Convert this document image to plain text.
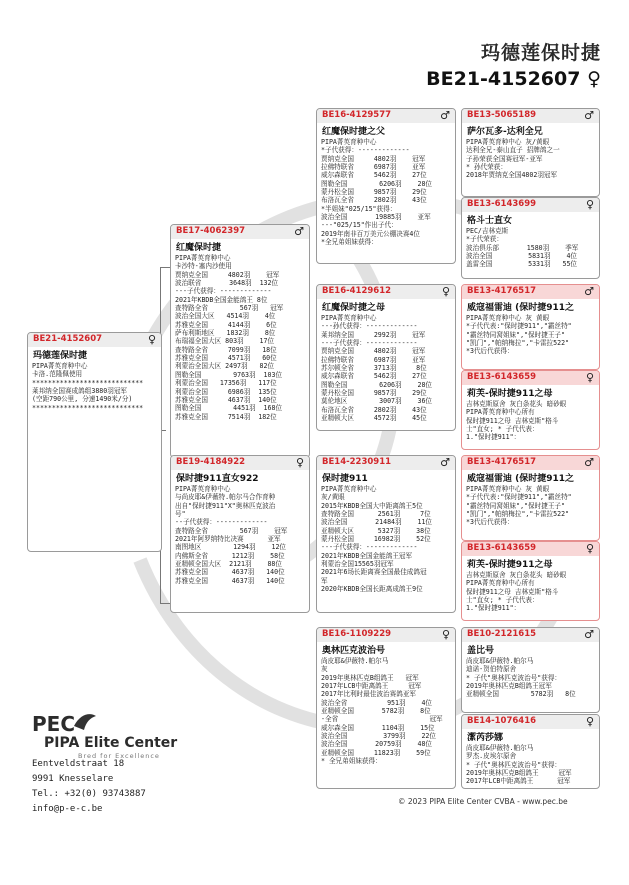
玛德莲保时捷
BE21-4152607 ♀
BE21-4152607	♀
玛德莲保时捷
PIPA菁英育种中心
卡洛.范隆佩使用
****************************
莱邦纳全国赛成鸽组3880羽冠军
(空距790公里, 分速1490米/分)
****************************
BE17-4062397	♂
红魔保时捷
PIPA菁英育种中心
卡沙特-塞内沙使用
贾纳克全国     4802羽    冠军
波治联省       3648羽  132位
---子代获得：-------------
2021年KBDB全国金能鸽王 8位
查特路全省        567羽   冠军
波治全国大区   4514羽    4位
苏雅克全国     4144羽    6位
萨布利斯地区   1832羽    8位
布瑞福全国大区 803羽    17位
查特路全省     7099羽   18位
苏雅克全国     4571羽   60位
利蒙治全国大区 2497羽   82位
图勒全国        9763羽  103位
利蒙治全国   17356羽   117位
利蒙治全国     6986羽  135位
苏雅克全国     4637羽  140位
图勒全国        4451羽  168位
苏雅克全国     7514羽  182位
BE19-4184922	♀
保时捷911直女922
PIPA菁英育种中心
与尚皮耶&伊薇特.帕尔马合作育种
出自"保时捷911"X"奥林匹克波治
号"
--子代获得：-------------
查特路全省        567羽    冠军
2021年阿罗纳特比决赛      亚军
南图地区        1294羽    12位
内佛斯全省      1212羽    58位
亚精顿全国大区  2121羽    88位
苏雅克全国      4637羽   140位
苏雅克全国      4637羽   140位
BE16-4129577	♂
红魔保时捷之父
PIPA菁英育种中心
*子代获得：-------------
贾纳克全国     4802羽    冠军
拉佛特联省     6987羽    亚军
威尔森联省     5462羽    27位
图勒全国        6206羽    28位
蒙丹松全国     9857羽    29位
布洛瓦全省     2802羽    43位
*半姐妹"025/15"获得：
波治全国       19885羽    亚军
---"025/15"作出子代：
2019年南非百万美元公棚决赛4位
*全兄弟姐妹获得：
BE16-4129612	♀
红魔保时捷之母
PIPA菁英育种中心
---孙代获得：-------------
莱邦纳全国     2992羽    冠军
---子代获得：-------------
贾纳克全国     4802羽    冠军
拉佛特联省     6987羽    亚军
苏尔顿全省     3713羽     8位
威尔森联省     5462羽    27位
图勒全国        6206羽    28位
蒙丹松全国     9857羽    29位
莫伦地区        3007羽    36位
布洛瓦全省     2802羽    43位
亚精顿大区     4572羽    45位
BE14-2230911	♂
保时捷911
PIPA菁英育种中心
灰/黄眼
2015年KBDB全国大中距离鸽王5位
查特路全国      2561羽     7位
波治全国       21484羽    11位
亚精顿大区      5327羽    38位
蒙丹松全国     16982羽    52位
---子代获得：-------------
2021年KBDB全国金能鸽王冠军
利蒙治全国15565羽冠军
2021年6场长距离赛全国最佳成鸽冠
军
2020年KBDB全国长距离成鸽王9位
BE16-1109229	♀
奥林匹克波治号
尚皮耶&伊薇特.帕尔马
灰
2019年奥林匹克B组鸽王   冠军
2017年LCB中距离鸽王     冠军
2017年比利时最佳波治赛鸽亚军
波治全省          951羽    4位
亚精顿全国       5782羽    8位
-全省                       冠军
威尔森全国       1104羽    15位
波治全国         3799羽    22位
波治全国       20759羽    48位
亚精顿全国     11823羽    59位
* 全兄弟姐妹获得：
BE13-5065189	♂
萨尔瓦多-达利全兄
PIPA菁英育种中心 灰/黄眼
达利全兄-泰山直子 招牌鸽之一
子孙荣获全国赛冠军-亚军
* 孙代荣获：
2018年贾纳克全国4802羽冠军
BE13-6143699	♀
格斗士直女
PEC/吉林克斯
*子代荣获：
波治俱乐部       1580羽    季军
波治全国         5831羽    4位
盖雷全国         5331羽   55位
BE13-4176517	♂
威寇福雷迪 (保时捷911之
PIPA菁英育种中心 灰 黄眼
*子代代表:"保时捷911","霸丝特"
"霸丝特同窝姐妹","保时捷王子"
"凯门","帕纳梅拉","卡雷拉522"
*3代后代获得：
BE13-6143659	♀
莉芙-保时捷911之母
吉林克斯原舍 灰白条花头 暗砂眼
PIPA菁英育种中心所有
保时捷911之母 吉林克斯"格斗
士"直女; * 子代代表：
1."保时捷911"：
BE13-4176517	♂
威寇福雷迪 (保时捷911之
PIPA菁英育种中心 灰 黄眼
*子代代表:"保时捷911","霸丝特"
"霸丝特同窝姐妹","保时捷王子"
"凯门","帕纳梅拉","卡雷拉522"
*3代后代获得：
BE13-6143659	♀
莉芙-保时捷911之母
吉林克斯原舍 灰白条花头 暗砂眼
PIPA菁英育种中心所有
保时捷911之母 吉林克斯"格斗
士"直女; * 子代代表：
1."保时捷911"：
BE10-2121615	♂
盖比号
尚皮耶&伊薇特.帕尔马
迪诺-贺伯特原舍
* 子代"奥林匹克波治号"获得：
2019年奥林匹克B组鸽王冠军
亚精顿全国        5782羽   8位
BE14-1076416	♀
潔芮莎娜
尚皮耶&伊薇特.帕尔马
罗杰.皮埃尔原舍
* 子代"奥林匹克波治号"获得：
2019年奥林匹克B组鸽王     冠军
2017年LCB中距离鸽王      冠军
PEC
PIPA Elite Center
Bred for Excellence
Eentveldstraat 18
9991 Knesselare
Tel.: +32(0) 93743887
info@p-e-c.be
© 2023 PIPA Elite Center CVBA - www.pec.be
